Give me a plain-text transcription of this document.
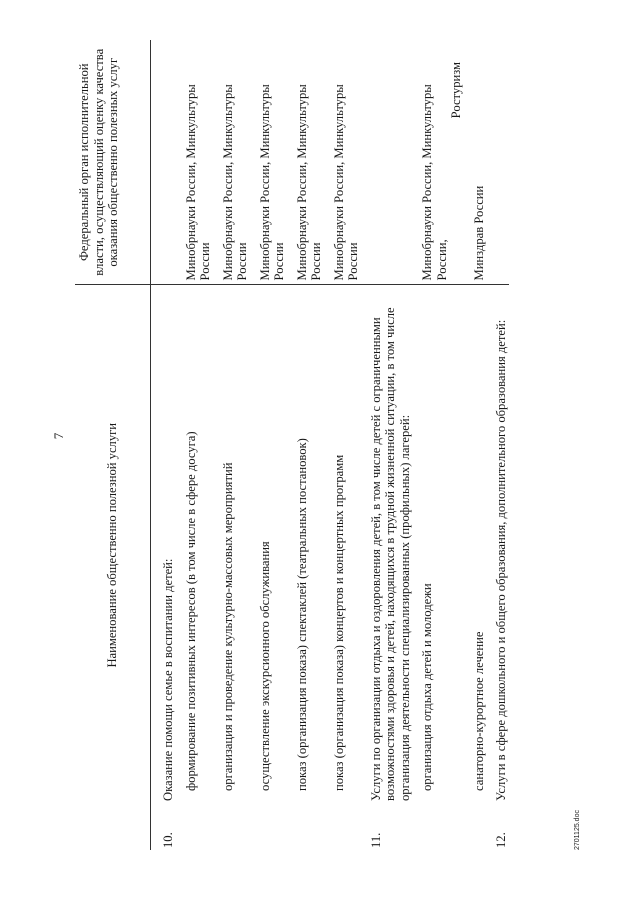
7
		Наименование общественно полезной услуги	Федеральный орган исполнительной власти, осуществляющий оценку качества оказания общественно полезных услуг
10.	Оказание помощи семье в воспитании детей:	
	формирование позитивных интересов (в том числе в сфере досуга)	Минобрнауки России, Минкультуры России
	организация и проведение культурно-массовых мероприятий	Минобрнауки России, Минкультуры России
	осуществление экскурсионного обслуживания	Минобрнауки России, Минкультуры России
	показ (организация показа) спектаклей (театральных постановок)	Минобрнауки России, Минкультуры России
	показ (организация показа) концертов и концертных программ	Минобрнауки России, Минкультуры России
11.	Услуги по организации отдыха и оздоровления детей, в том числе детей с ограниченными возможностями здоровья и детей, находящихся в трудной жизненной ситуации, в том числе организация деятельности специализированных (профильных) лагерей:	
	организация отдыха детей и молодежи	Минобрнауки России, Минкультуры России,
Ростуризм

	санаторно-курортное лечение	Минздрав России
12.	Услуги в сфере дошкольного и общего образования, дополнительного образования детей:	
2701125.doc
